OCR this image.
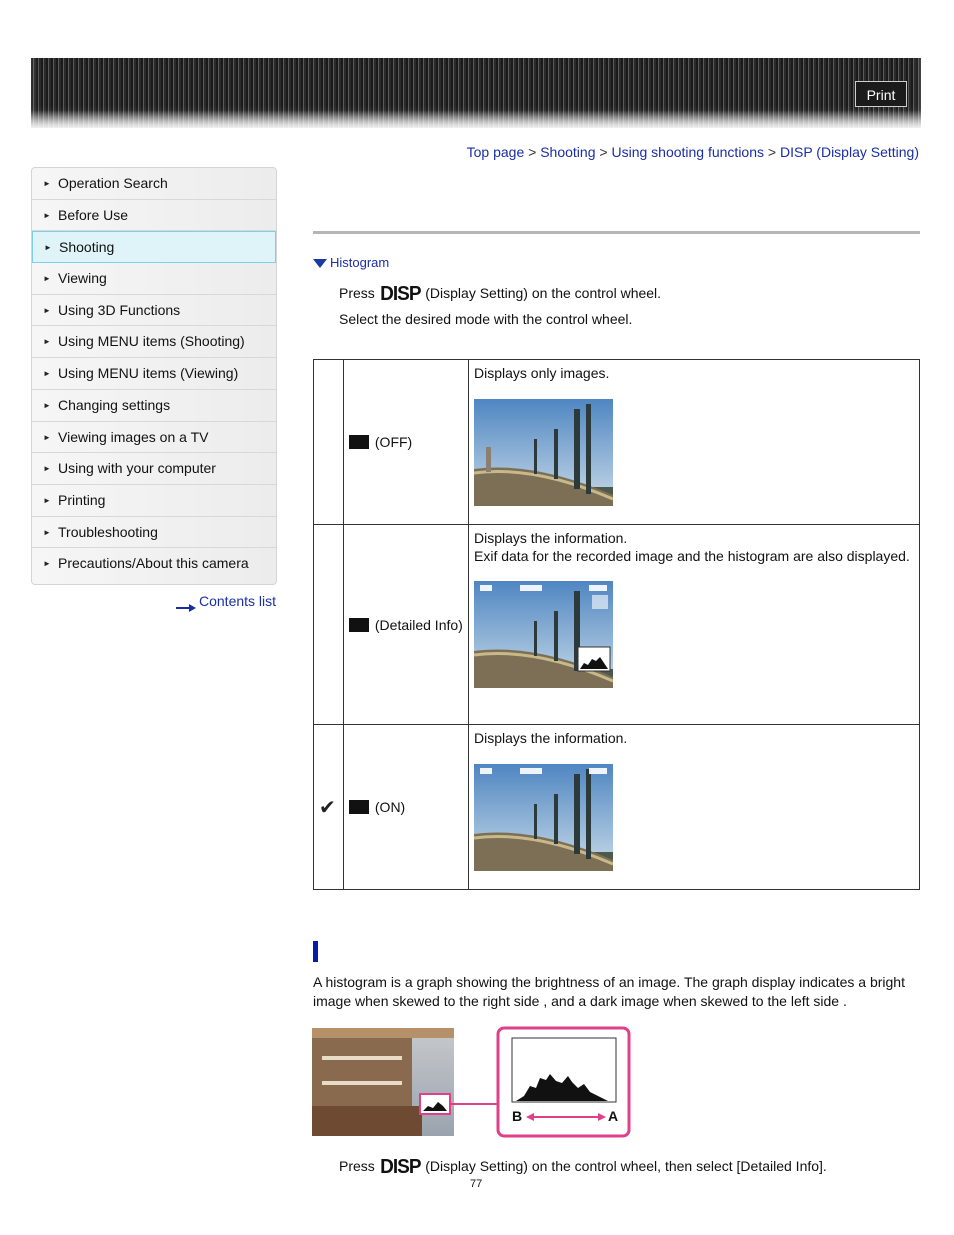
Print
Top page > Shooting > Using shooting functions > DISP (Display Setting)
► Operation Search
► Before Use
► Shooting
► Viewing
► Using 3D Functions
► Using MENU items (Shooting)
► Using MENU items (Viewing)
► Changing settings
► Viewing images on a TV
► Using with your computer
► Printing
► Troubleshooting
► Precautions/About this camera
Contents list
Histogram
Press DISP (Display Setting) on the control wheel.
Select the desired mode with the control wheel.
	(OFF)	Displays only images.

	(Detailed Info)	Displays the information.
Exif data for the recorded image and the histogram are also displayed.

✔	(ON)	Displays the information.
A histogram is a graph showing the brightness of an image. The graph display indicates a bright image when skewed to the right side , and a dark image when skewed to the left side .
B	A
Press DISP (Display Setting) on the control wheel, then select [Detailed Info].
77
